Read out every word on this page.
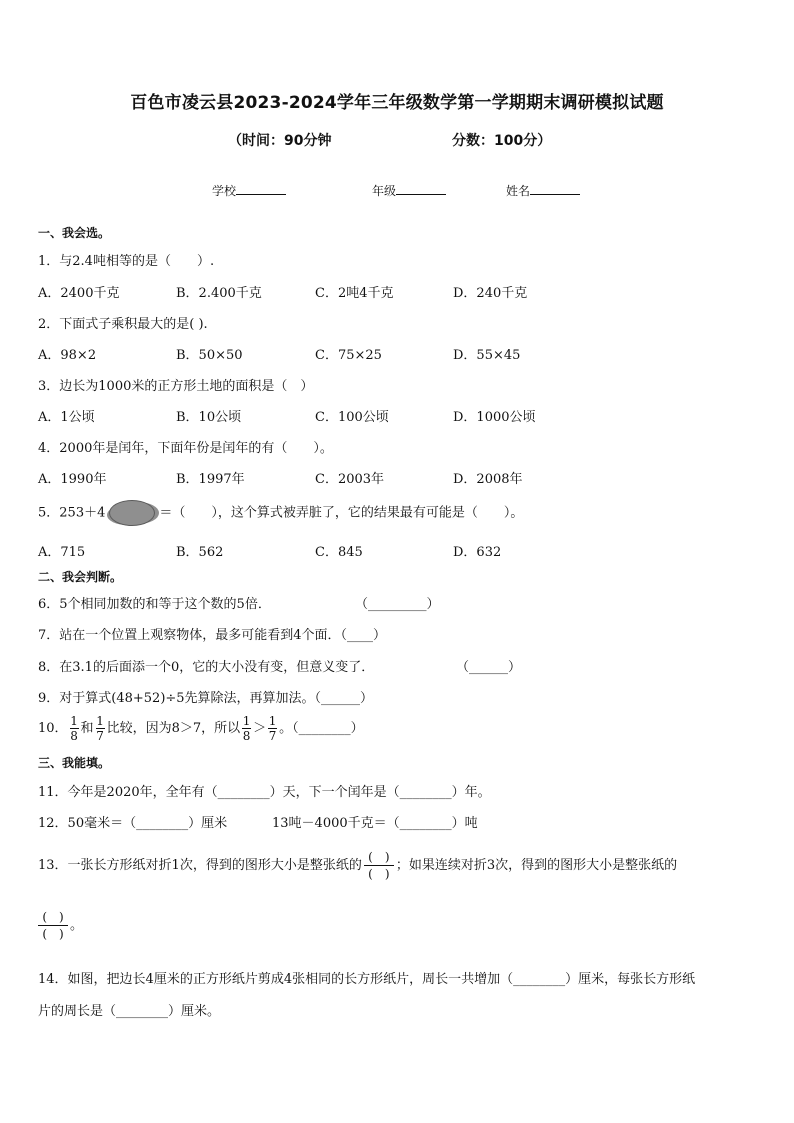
百色市凌云县2023-2024学年三年级数学第一学期期末调研模拟试题
（时间：90分钟	分数：100分）
学校	年级	姓名
一、我会选。
1．与2.4吨相等的是（　　）.
A．2400千克	B．2.400千克	C．2吨4千克	D．240千克
2．下面式子乘积最大的是( ).
A．98×2	B．50×50	C．75×25	D．55×45
3．边长为1000米的正方形土地的面积是（　）
A．1公顷	B．10公顷	C．100公顷	D．1000公顷
4．2000年是闰年，下面年份是闰年的有（　　）。
A．1990年	B．1997年	C．2003年	D．2008年
5．253＋4	＝（　　），这个算式被弄脏了，它的结果最有可能是（　　）。
A．715	B．562	C．845	D．632
二、我会判断。
6．5个相同加数的和等于这个数的5倍．	（_________）
7．站在一个位置上观察物体，最多可能看到4个面．（____）
8．在3.1的后面添一个0，它的大小没有变，但意义变了．	（______）
9．对于算式(48+52)÷5先算除法，再算加法。（______）
10． $\frac{1}{8}$ 和 $\frac{1}{7}$ 比较，因为8＞7，所以 $\frac{1}{8} > \frac{1}{7}$ 。（________）
三、我能填。
11．今年是2020年，全年有（________）天，下一个闰年是（________）年。
12．50毫米＝（________）厘米	13吨－4000千克＝（________）吨
13．一张长方形纸对折1次，得到的图形大小是整张纸的 $\frac{( )}{( )}$ ；如果连续对折3次，得到的图形大小是整张纸的
$\frac{( )}{( )}$ 。
14．如图，把边长4厘米的正方形纸片剪成4张相同的长方形纸片，周长一共增加（________）厘米，每张长方形纸
片的周长是（________）厘米。
